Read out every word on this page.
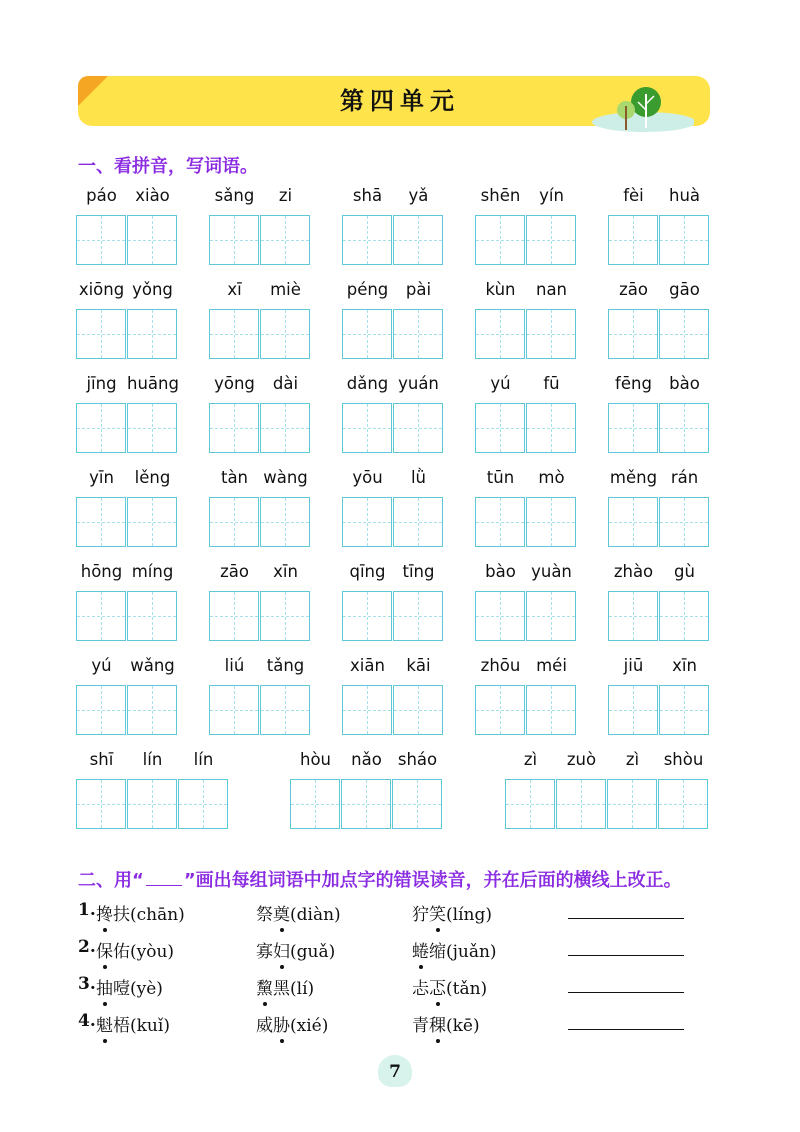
第四单元
一、看拼音，写词语。
páo	xiào	sǎng	zi	shā	yǎ	shēn	yín	fèi	huà
xiōng yǒng	xī	miè	péng	pài	kùn	nan	zāo	gāo
jīng huāng	yōng	dài	dǎng yuán	yú	fū	fēng	bào
yīn	lěng	tàn wàng	yōu	lǜ	tūn	mò	měng rán
hōng míng	zāo	xīn	qīng	tīng	bào yuàn	zhào	gù
yú	wǎng	liú	tǎng	xiān	kāi	zhōu méi	jiū	xīn
shī	lín	lín	hòu	nǎo sháo	zì	zuò	zì	shòu
二、用“ ”画出每组词语中加点字的错误读音，并在后面的横线上改正。
1. 搀扶(chān)	祭奠(diàn)	狞笑(líng)
2. 保佑(yòu)	寡妇(guǎ)	蜷缩(juǎn)
3. 抽噎(yè)	黧黑(lí)	忐忑(tǎn)
4. 魁梧(kuǐ)	威胁(xié)	青稞(kē)
7
